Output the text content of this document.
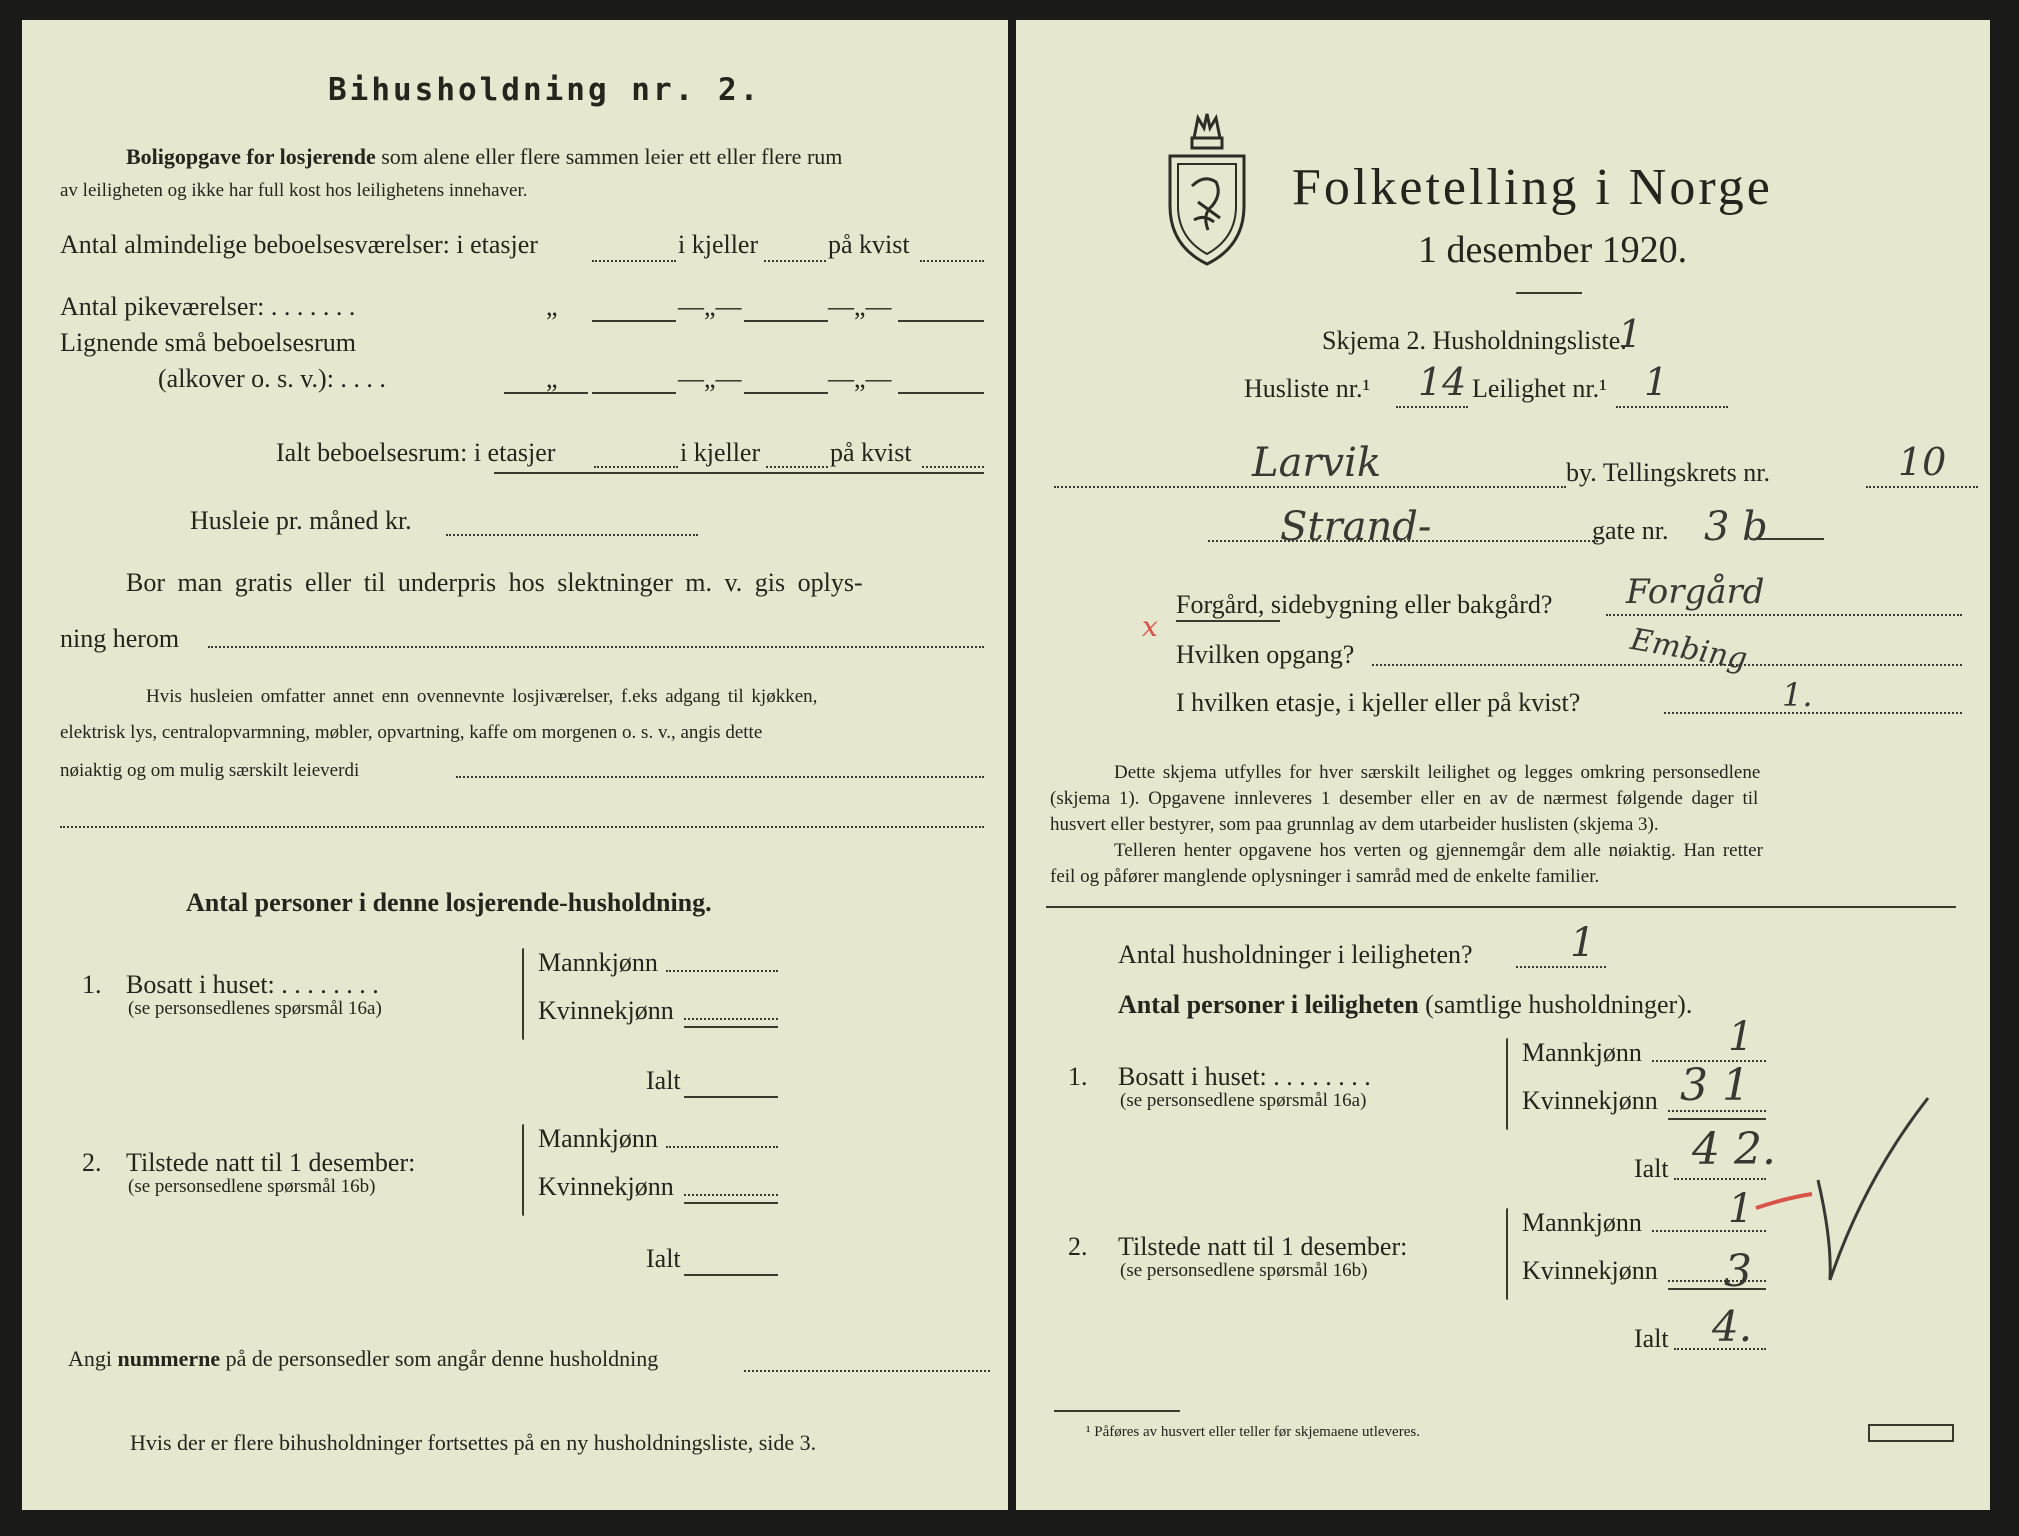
Bihusholdning nr. 2.
Boligopgave for losjerende som alene eller flere sammen leier ett eller flere rum
av leiligheten og ikke har full kost hos leilighetens innehaver.
Antal almindelige beboelsesværelser: i etasjer	i kjeller	på kvist
Antal pikeværelser: . . . . . . .	„	—„—	—„—
Lignende små beboelsesrum
(alkover o. s. v.): . . . .	„	—„—	—„—
Ialt beboelsesrum: i etasjer	i kjeller	på kvist
Husleie pr. måned kr.
Bor man gratis eller til underpris hos slektninger m. v. gis oplys-
ning herom
Hvis husleien omfatter annet enn ovennevnte losjiværelser, f.eks adgang til kjøkken,
elektrisk lys, centralopvarmning, møbler, opvartning, kaffe om morgenen o. s. v., angis dette
nøiaktig og om mulig særskilt leieverdi
Antal personer i denne losjerende-husholdning.
1. Bosatt i huset: . . . . . . . .
(se personsedlenes spørsmål 16a)
Mannkjønn
Kvinnekjønn
Ialt
2. Tilstede natt til 1 desember:
(se personsedlene spørsmål 16b)
Mannkjønn
Kvinnekjønn
Ialt
Angi nummerne på de personsedler som angår denne husholdning
Hvis der er flere bihusholdninger fortsettes på en ny husholdningsliste, side 3.
Folketelling i Norge
1 desember 1920.
Skjema 2. Husholdningsliste.
1
Husliste nr.¹ 14 Leilighet nr.¹ 1
Larvik	by. Tellingskrets nr.	10
Strand-	gate nr. 3 b
Forgård, sidebygning eller bakgård? Forgård
x
Hvilken opgang?	Embing
I hvilken etasje, i kjeller eller på kvist?	1.
Dette skjema utfylles for hver særskilt leilighet og legges omkring personsedlene
(skjema 1). Opgavene innleveres 1 desember eller en av de nærmest følgende dager til
husvert eller bestyrer, som paa grunnlag av dem utarbeider huslisten (skjema 3).
Telleren henter opgavene hos verten og gjennemgår dem alle nøiaktig. Han retter
feil og påfører manglende oplysninger i samråd med de enkelte familier.
Antal husholdninger i leiligheten? 1
Antal personer i leiligheten (samtlige husholdninger).
1. Bosatt i huset: . . . . . . . .
(se personsedlene spørsmål 16a)
Mannkjønn 1
Kvinnekjønn 3 1
Ialt 4 2.
2. Tilstede natt til 1 desember:
(se personsedlene spørsmål 16b)
Mannkjønn 1
Kvinnekjønn 3
Ialt 4.
¹ Påføres av husvert eller teller før skjemaene utleveres.
